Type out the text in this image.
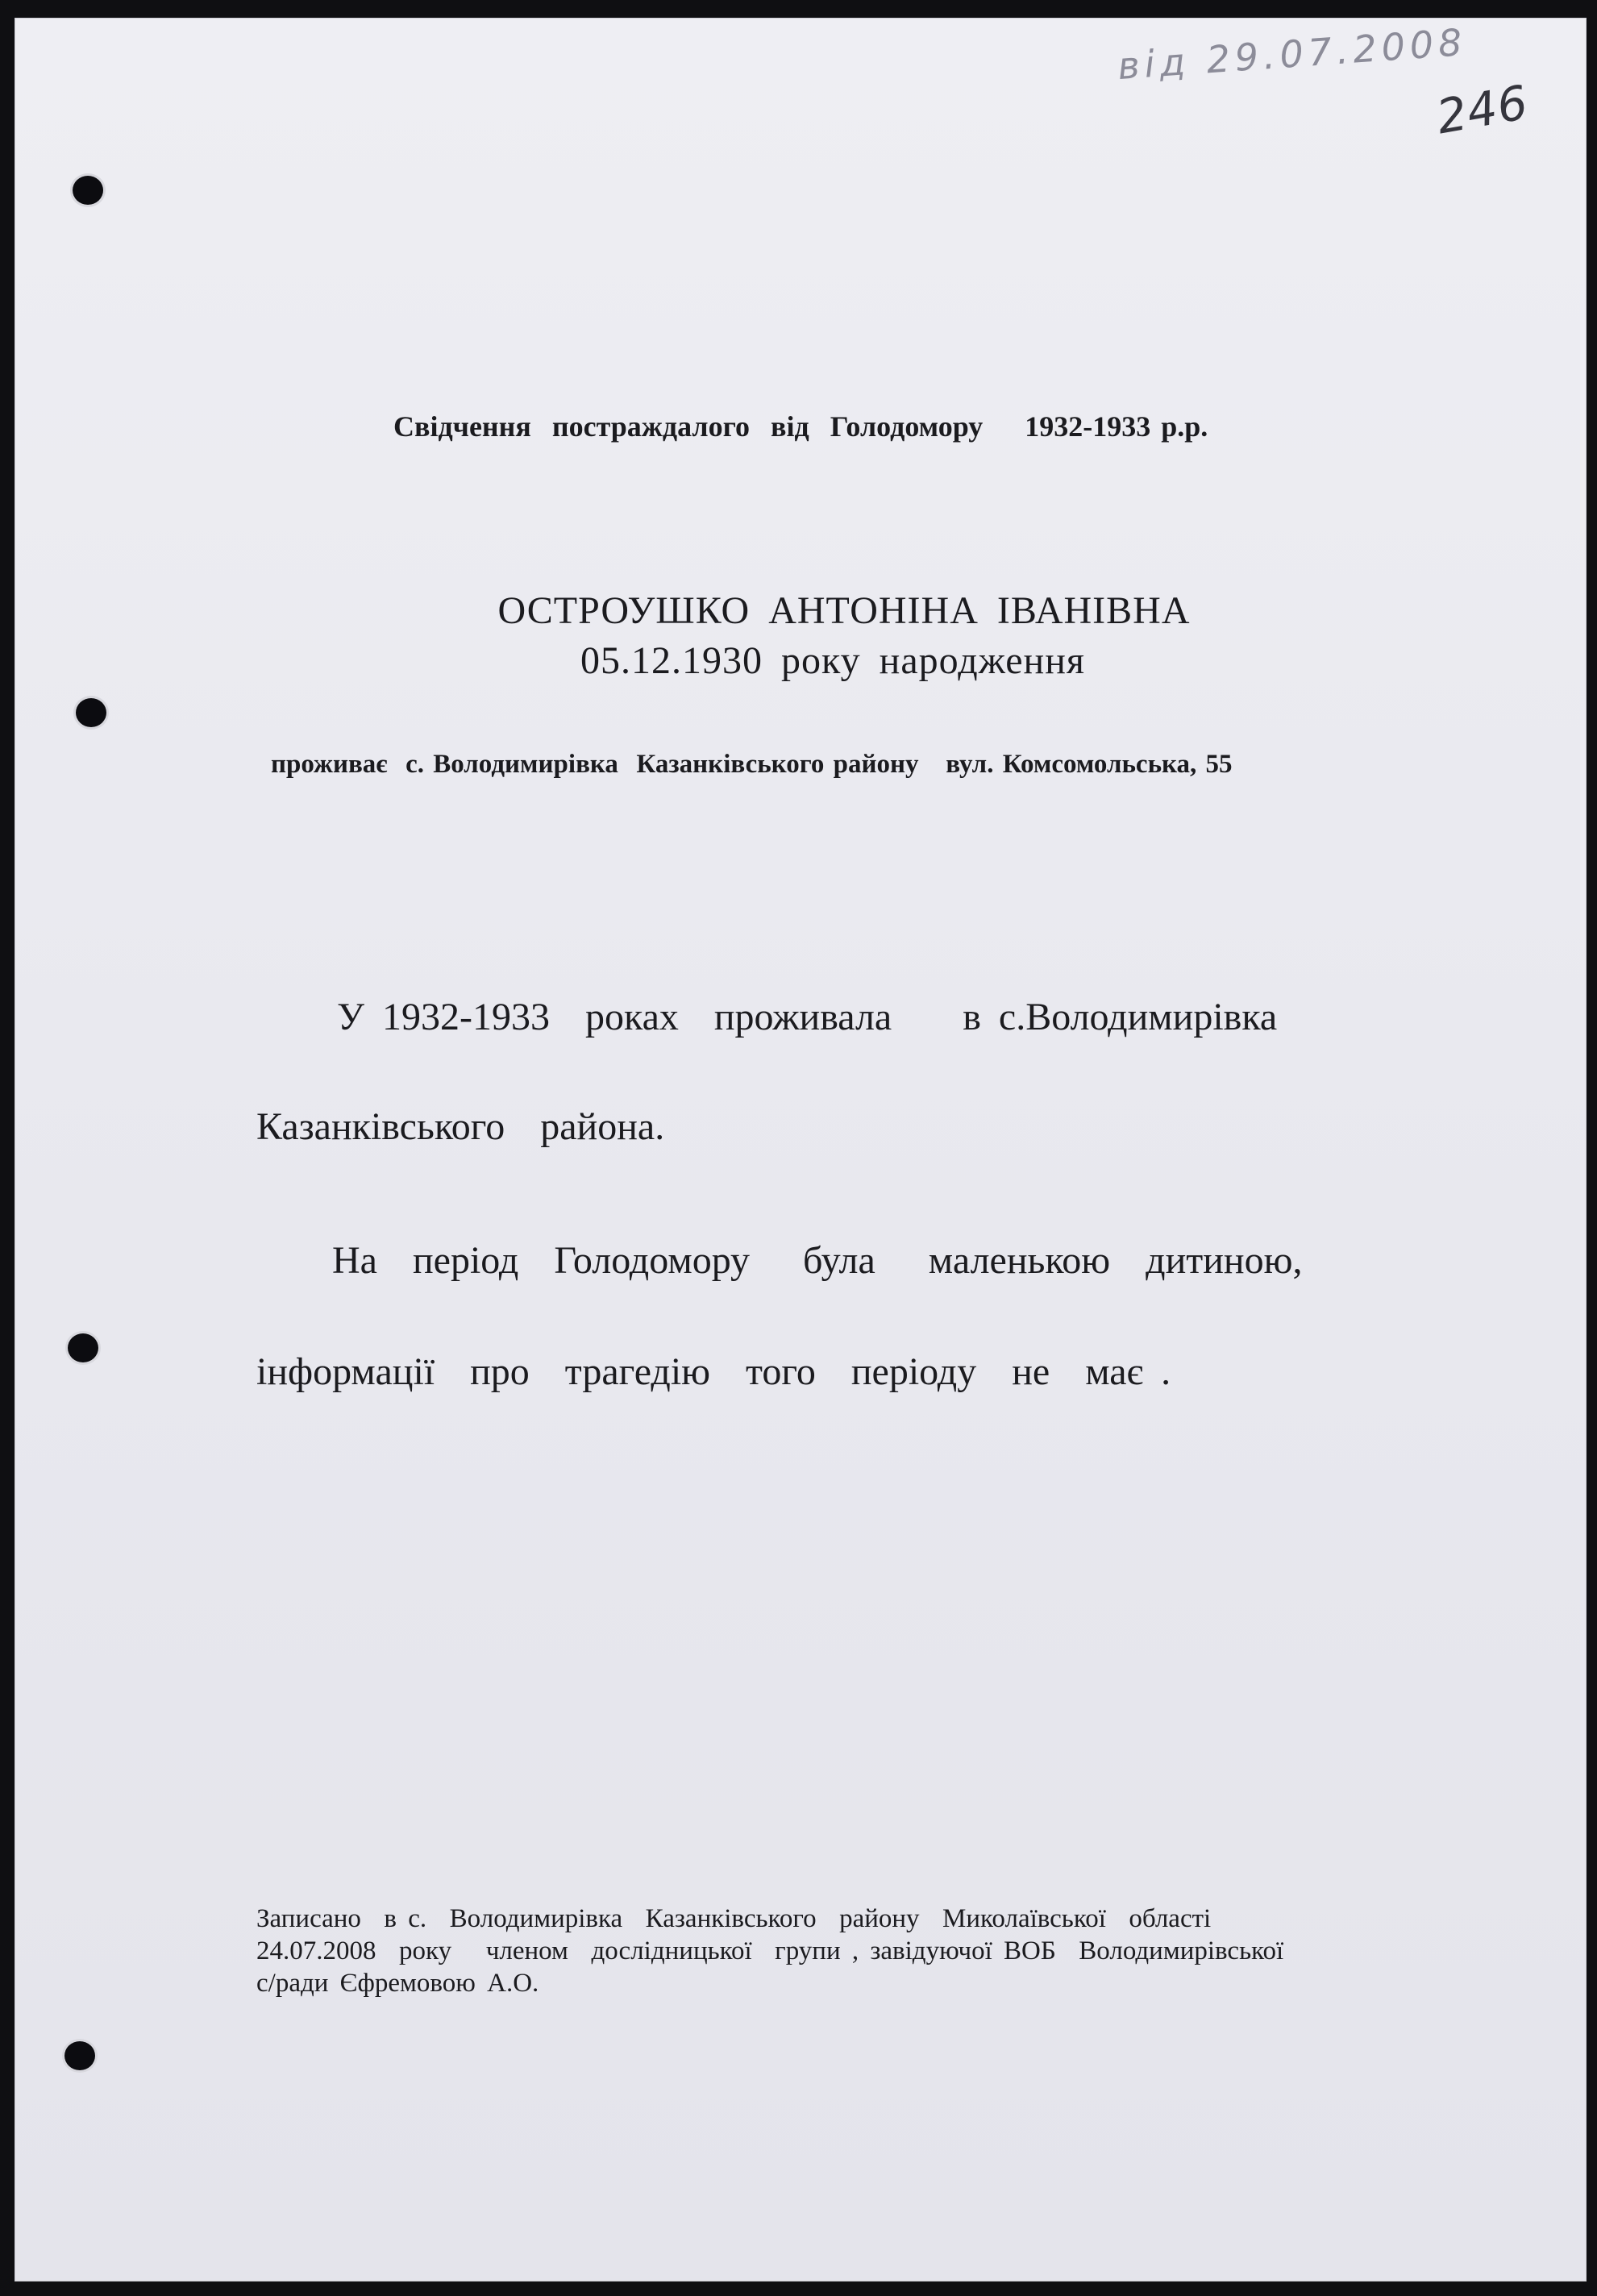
від 29.07.2008
246
Свідчення  постраждалого  від  Голодомору    1932-1933 р.р.
ОСТРОУШКО АНТОНІНА ІВАНІВНА
05.12.1930 року народження
проживає  с. Володимирівка  Казанківського району   вул. Комсомольська, 55
У 1932-1933  роках  проживала    в с.Володимирівка
Казанківського  района.
На  період  Голодомору   була   маленькою  дитиною,
інформації  про  трагедію  того  періоду  не  має .
Записано  в с.  Володимирівка  Казанківського  району  Миколаївської  області
24.07.2008  року   членом  дослідницької  групи , завідуючої ВОБ  Володимирівської
с/ради Єфремовою А.О.
